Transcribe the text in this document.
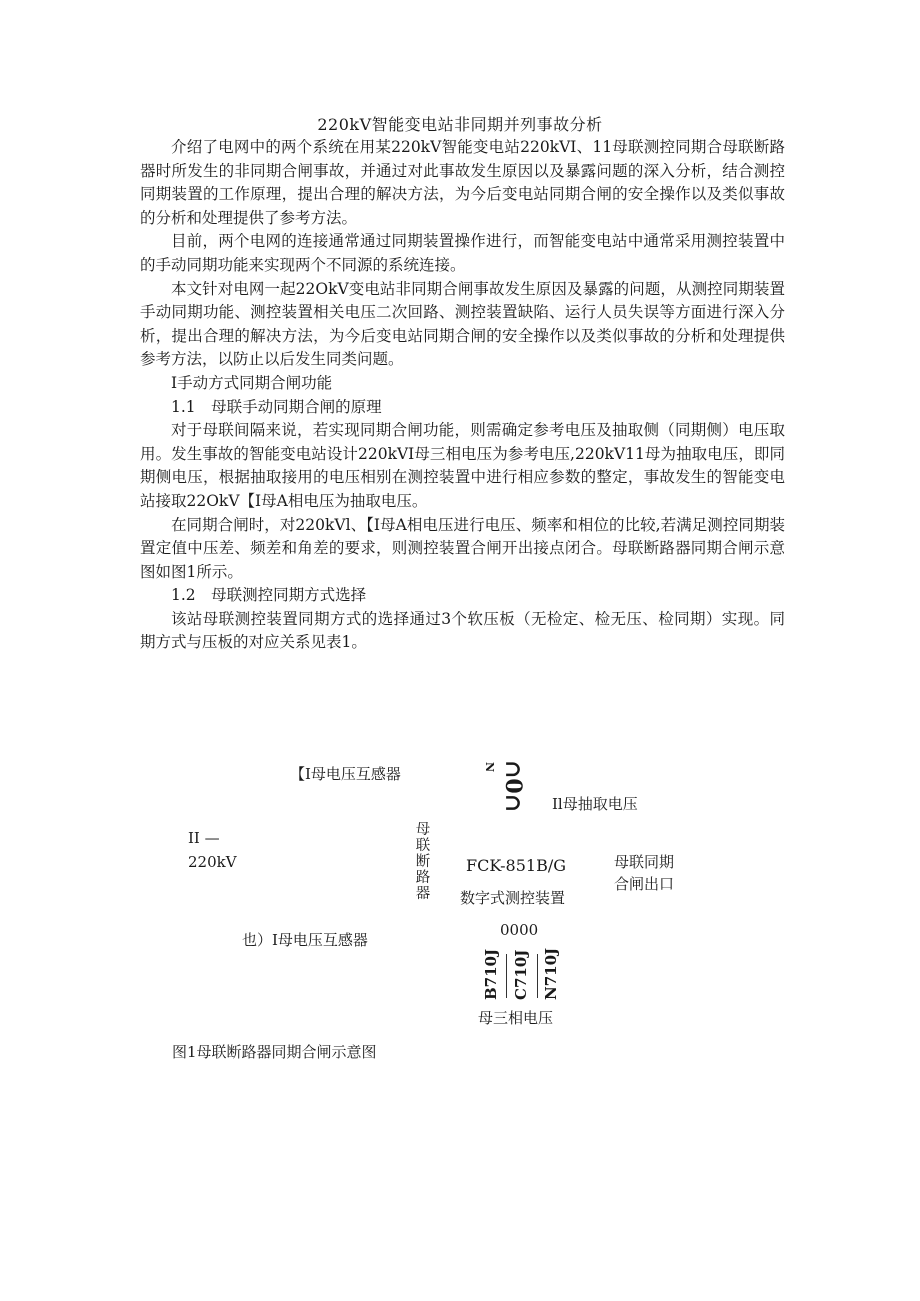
220kV智能变电站非同期并列事故分析

介绍了电网中的两个系统在用某220kV智能变电站220kVI、11母联测控同期合母联断路器时所发生的非同期合闸事故，并通过对此事故发生原因以及暴露问题的深入分析，结合测控同期装置的工作原理，提出合理的解决方法，为今后变电站同期合闸的安全操作以及类似事故的分析和处理提供了参考方法。

目前，两个电网的连接通常通过同期装置操作进行，而智能变电站中通常采用测控装置中的手动同期功能来实现两个不同源的系统连接。

本文针对电网一起22OkV变电站非同期合闸事故发生原因及暴露的问题，从测控同期装置手动同期功能、测控装置相关电压二次回路、测控装置缺陷、运行人员失误等方面进行深入分析，提出合理的解决方法，为今后变电站同期合闸的安全操作以及类似事故的分析和处理提供参考方法，以防止以后发生同类问题。

I手动方式同期合闸功能

1.1　母联手动同期合闸的原理

对于母联间隔来说，若实现同期合闸功能，则需确定参考电压及抽取侧（同期侧）电压取用。发生事故的智能变电站设计220kVI母三相电压为参考电压,220kV11母为抽取电压，即同期侧电压，根据抽取接用的电压相别在测控装置中进行相应参数的整定，事故发生的智能变电站接取22OkV【I母A相电压为抽取电压。

在同期合闸时，对220kVl、【I母A相电压进行电压、频率和相位的比较,若满足测控同期装置定值中压差、频差和角差的要求，则测控装置合闸开出接点闭合。母联断路器同期合闸示意图如图1所示。

1.2　母联测控同期方式选择

该站母联测控装置同期方式的选择通过3个软压板（无检定、检无压、检同期）实现。同期方式与压板的对应关系见表1。

【I母电压互感器	∩0∩
N
Il母抽取电压
II —
220kV
母联断路器
FCK-851B/G
数字式测控装置
母联同期
合闸出口
0000
也）I母电压互感器
B710J C710J N710J
母三相电压
图1母联断路器同期合闸示意图
